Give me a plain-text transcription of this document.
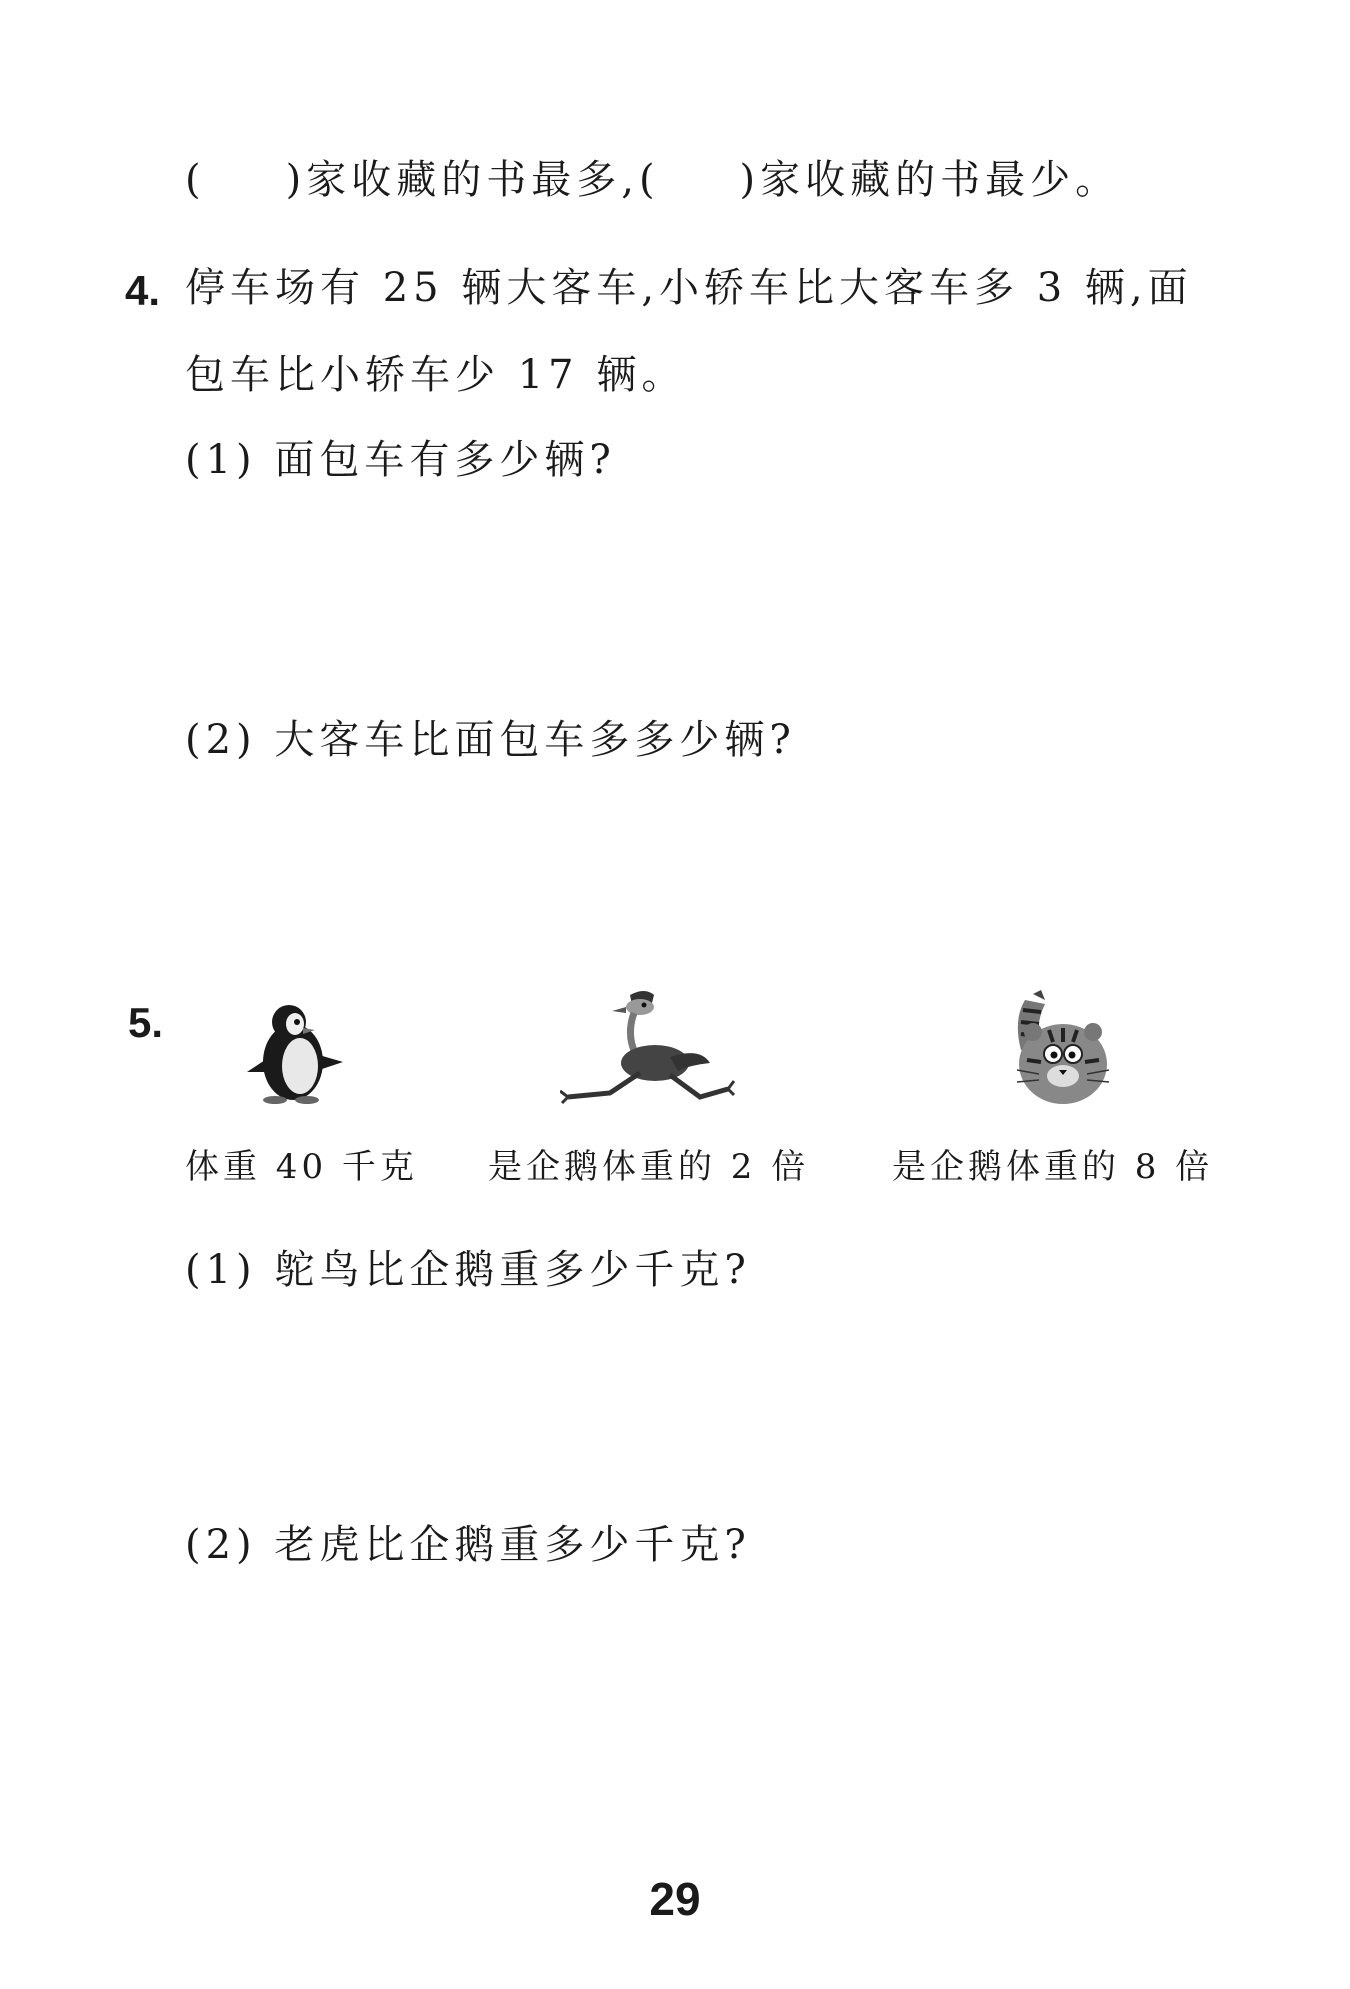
( )家收藏的书最多,( )家收藏的书最少。
4. 停车场有 25 辆大客车,小轿车比大客车多 3 辆,面
包车比小轿车少 17 辆。
(1) 面包车有多少辆?
(2) 大客车比面包车多多少辆?
5.
体重 40 千克 是企鹅体重的 2 倍 是企鹅体重的 8 倍
(1) 鸵鸟比企鹅重多少千克?
(2) 老虎比企鹅重多少千克?
29
